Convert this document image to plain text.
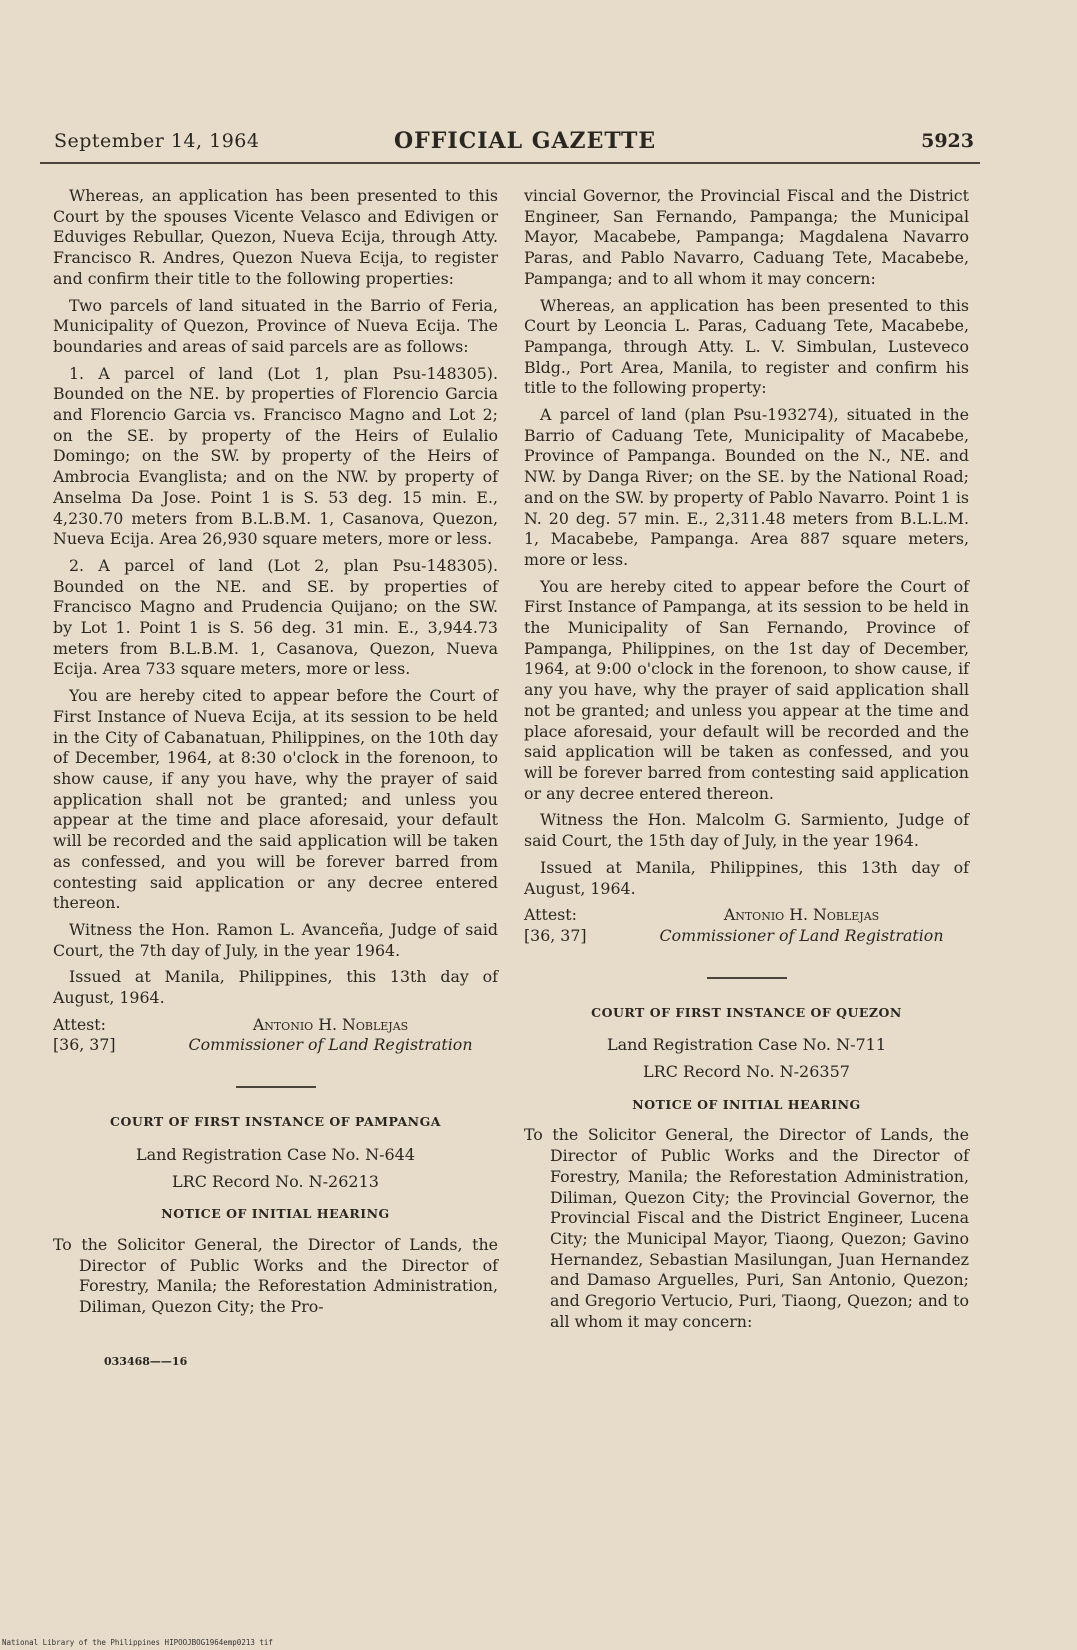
September 14, 1964	OFFICIAL GAZETTE	5923

Whereas, an application has been presented to this Court by the spouses Vicente Velasco and Edivigen or Eduviges Rebullar, Quezon, Nueva Ecija, through Atty. Francisco R. Andres, Quezon Nueva Ecija, to register and confirm their title to the following properties:

Two parcels of land situated in the Barrio of Feria, Municipality of Quezon, Province of Nueva Ecija. The boundaries and areas of said parcels are as follows:

1. A parcel of land (Lot 1, plan Psu-148305). Bounded on the NE. by properties of Florencio Garcia and Florencio Garcia vs. Francisco Magno and Lot 2; on the SE. by property of the Heirs of Eulalio Domingo; on the SW. by property of the Heirs of Ambrocia Evanglista; and on the NW. by property of Anselma Da Jose. Point 1 is S. 53 deg. 15 min. E., 4,230.70 meters from B.L.B.M. 1, Casanova, Quezon, Nueva Ecija. Area 26,930 square meters, more or less.

2. A parcel of land (Lot 2, plan Psu-148305). Bounded on the NE. and SE. by properties of Francisco Magno and Prudencia Quijano; on the SW. by Lot 1. Point 1 is S. 56 deg. 31 min. E., 3,944.73 meters from B.L.B.M. 1, Casanova, Quezon, Nueva Ecija. Area 733 square meters, more or less.

You are hereby cited to appear before the Court of First Instance of Nueva Ecija, at its session to be held in the City of Cabanatuan, Philippines, on the 10th day of December, 1964, at 8:30 o'clock in the forenoon, to show cause, if any you have, why the prayer of said application shall not be granted; and unless you appear at the time and place aforesaid, your default will be recorded and the said application will be taken as confessed, and you will be forever barred from contesting said application or any decree entered thereon.

Witness the Hon. Ramon L. Avanceña, Judge of said Court, the 7th day of July, in the year 1964.

Issued at Manila, Philippines, this 13th day of August, 1964.

Attest:	Antonio H. Noblejas
[36, 37]	Commissioner of Land Registration
COURT OF FIRST INSTANCE OF PAMPANGA

Land Registration Case No. N-644

LRC Record No. N-26213

NOTICE OF INITIAL HEARING

To the Solicitor General, the Director of Lands, the Director of Public Works and the Director of Forestry, Manila; the Reforestation Administration, Diliman, Quezon City; the Pro-

033468——16

vincial Governor, the Provincial Fiscal and the District Engineer, San Fernando, Pampanga; the Municipal Mayor, Macabebe, Pampanga; Magdalena Navarro Paras, and Pablo Navarro, Caduang Tete, Macabebe, Pampanga; and to all whom it may concern:

Whereas, an application has been presented to this Court by Leoncia L. Paras, Caduang Tete, Macabebe, Pampanga, through Atty. L. V. Simbulan, Lusteveco Bldg., Port Area, Manila, to register and confirm his title to the following property:

A parcel of land (plan Psu-193274), situated in the Barrio of Caduang Tete, Municipality of Macabebe, Province of Pampanga. Bounded on the N., NE. and NW. by Danga River; on the SE. by the National Road; and on the SW. by property of Pablo Navarro. Point 1 is N. 20 deg. 57 min. E., 2,311.48 meters from B.L.L.M. 1, Macabebe, Pampanga. Area 887 square meters, more or less.

You are hereby cited to appear before the Court of First Instance of Pampanga, at its session to be held in the Municipality of San Fernando, Province of Pampanga, Philippines, on the 1st day of December, 1964, at 9:00 o'clock in the forenoon, to show cause, if any you have, why the prayer of said application shall not be granted; and unless you appear at the time and place aforesaid, your default will be recorded and the said application will be taken as confessed, and you will be forever barred from contesting said application or any decree entered thereon.

Witness the Hon. Malcolm G. Sarmiento, Judge of said Court, the 15th day of July, in the year 1964.

Issued at Manila, Philippines, this 13th day of August, 1964.

Attest:	Antonio H. Noblejas
[36, 37]	Commissioner of Land Registration
COURT OF FIRST INSTANCE OF QUEZON

Land Registration Case No. N-711

LRC Record No. N-26357

NOTICE OF INITIAL HEARING

To the Solicitor General, the Director of Lands, the Director of Public Works and the Director of Forestry, Manila; the Reforestation Administration, Diliman, Quezon City; the Provincial Governor, the Provincial Fiscal and the District Engineer, Lucena City; the Municipal Mayor, Tiaong, Quezon; Gavino Hernandez, Sebastian Masilungan, Juan Hernandez and Damaso Arguelles, Puri, San Antonio, Quezon; and Gregorio Vertucio, Puri, Tiaong, Quezon; and to all whom it may concern:

National Library of the Philippines HIPOOJBOG1964emp0213 tif
